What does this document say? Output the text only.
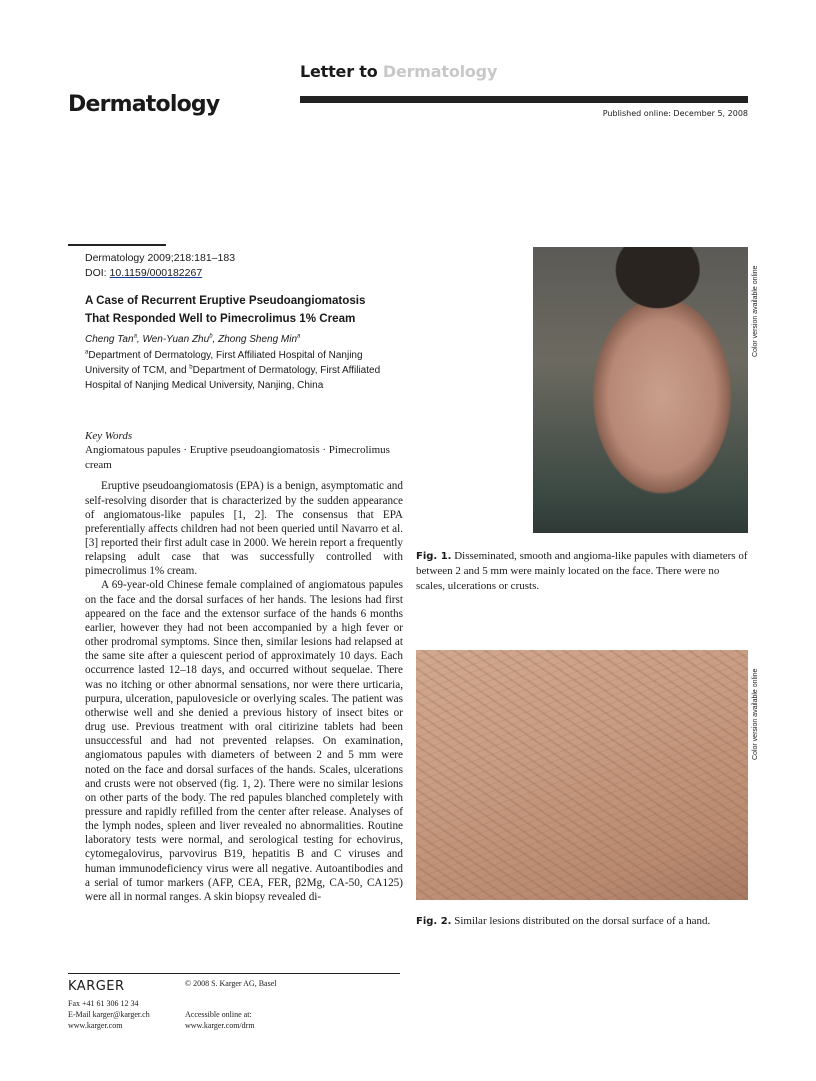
Dermatology
Letter to Dermatology
Published online: December 5, 2008
Dermatology 2009;218:181–183
DOI: 10.1159/000182267
A Case of Recurrent Eruptive Pseudoangiomatosis
That Responded Well to Pimecrolimus 1% Cream
Cheng Tan$^a$, Wen-Yuan Zhu$^b$, Zhong Sheng Min$^a$
$^a$Department of Dermatology, First Affiliated Hospital of Nanjing University of TCM, and $^b$Department of Dermatology, First Affiliated Hospital of Nanjing Medical University, Nanjing, China
Key Words
Angiomatous papules · Eruptive pseudoangiomatosis · Pimecrolimus cream

Eruptive pseudoangiomatosis (EPA) is a benign, asymptomatic and self-resolving disorder that is characterized by the sudden appearance of angiomatous-like papules [1, 2]. The consensus that EPA preferentially affects children had not been queried until Navarro et al. [3] reported their first adult case in 2000. We herein report a frequently relapsing adult case that was successfully controlled with pimecrolimus 1% cream.

A 69-year-old Chinese female complained of angiomatous papules on the face and the dorsal surfaces of her hands. The lesions had first appeared on the face and the extensor surface of the hands 6 months earlier, however they had not been accompanied by a high fever or other prodromal symptoms. Since then, similar lesions had relapsed at the same site after a quiescent period of approximately 10 days. Each occurrence lasted 12–18 days, and occurred without sequelae. There was no itching or other abnormal sensations, nor were there urticaria, purpura, ulceration, papulovesicle or overlying scales. The patient was otherwise well and she denied a previous history of insect bites or drug use. Previous treatment with oral citirizine tablets had been unsuccessful and had not prevented relapses. On examination, angiomatous papules with diameters of between 2 and 5 mm were noted on the face and dorsal surfaces of the hands. Scales, ulcerations and crusts were not observed (fig. 1, 2). There were no similar lesions on other parts of the body. The red papules blanched completely with pressure and rapidly refilled from the center after release. Analyses of the lymph nodes, spleen and liver revealed no abnormalities. Routine laboratory tests were normal, and serological testing for echovirus, cytomegalovirus, parvovirus B19, hepatitis B and C viruses and human immunodeficiency virus were all negative. Autoantibodies and a serial of tumor markers (AFP, CEA, FER, β2Mg, CA-50, CA125) were all in normal ranges. A skin biopsy revealed di-

Color version available online
Fig. 1. Disseminated, smooth and angioma-like papules with diameters of between 2 and 5 mm were mainly located on the face. There were no scales, ulcerations or crusts.
Color version available online
Fig. 2. Similar lesions distributed on the dorsal surface of a hand.
KARGER	© 2008 S. Karger AG, Basel
Fax +41 61 306 12 34
E-Mail karger@karger.ch
www.karger.com
Accessible online at:
www.karger.com/drm
